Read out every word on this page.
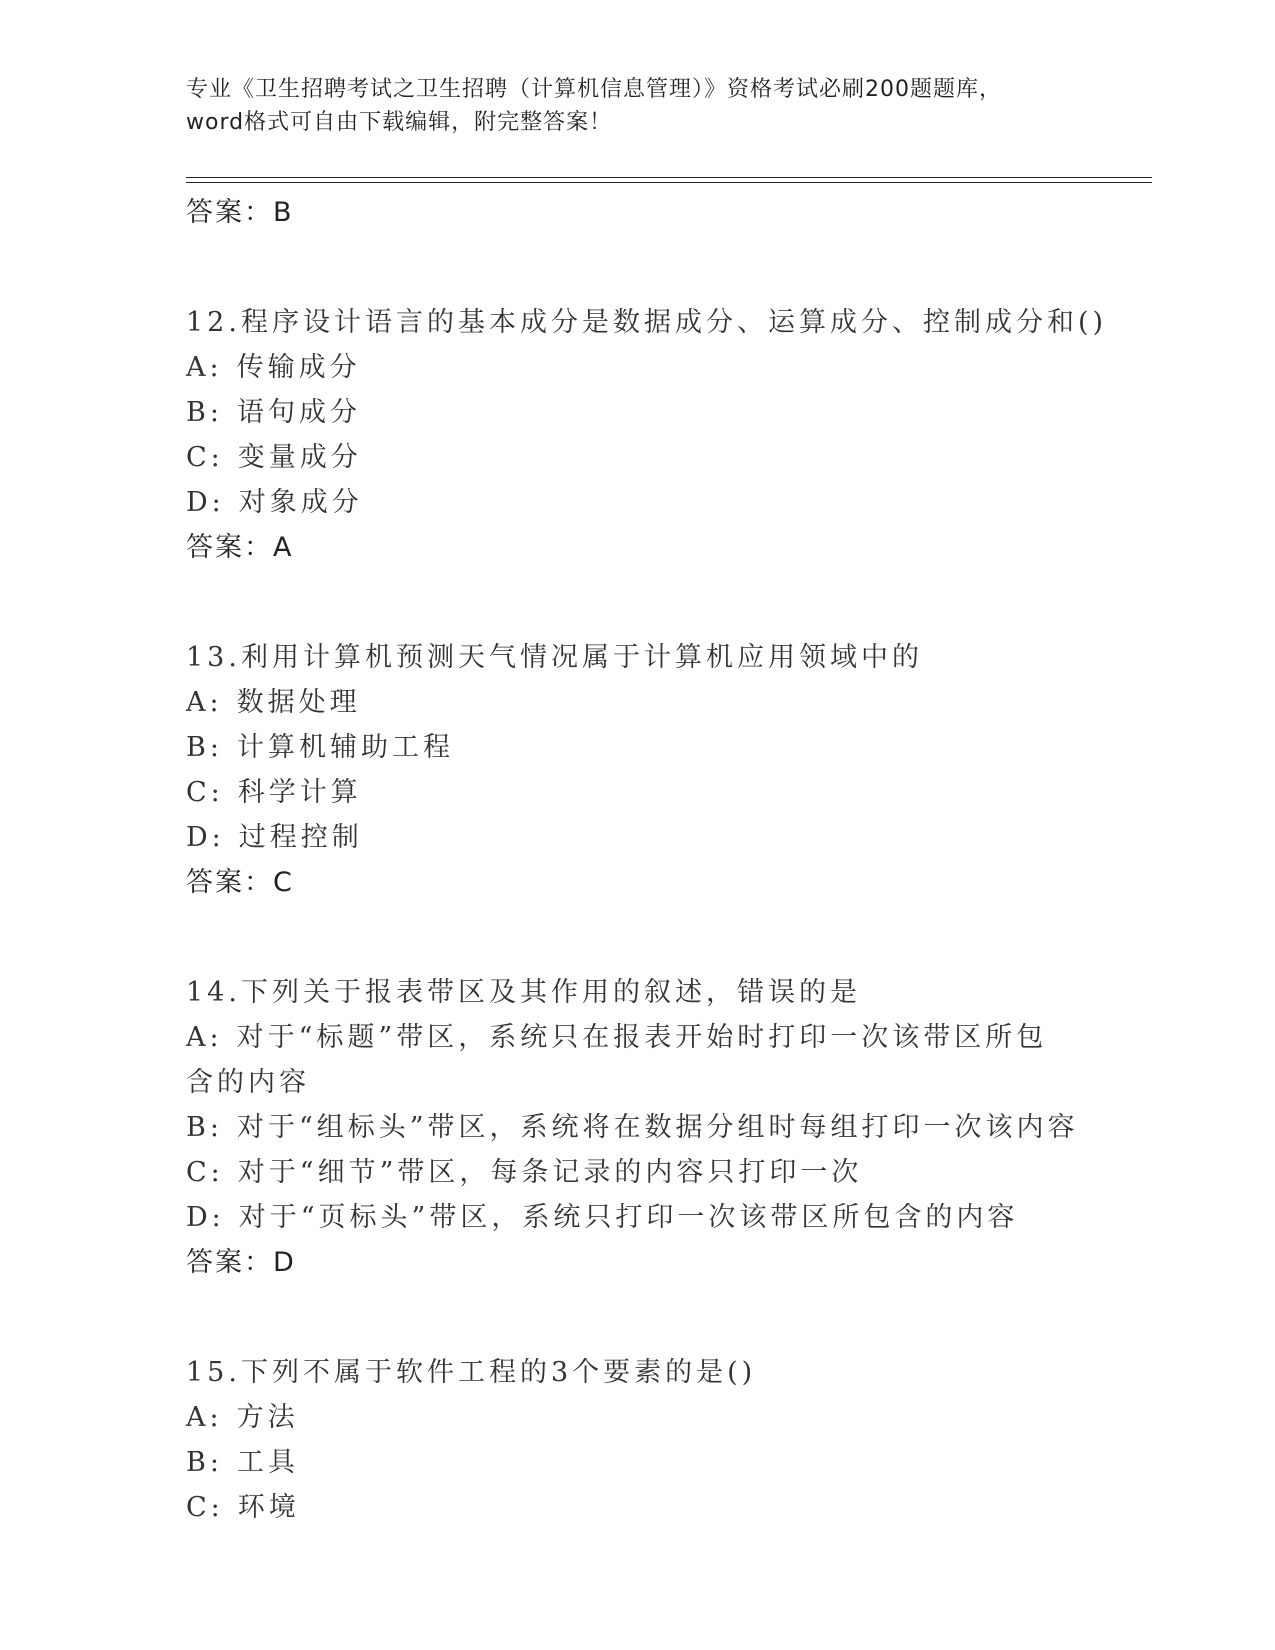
专业《卫生招聘考试之卫生招聘（计算机信息管理）》资格考试必刷200题题库，
word格式可自由下载编辑，附完整答案！
答案：B
12.程序设计语言的基本成分是数据成分、运算成分、控制成分和()
A: 传输成分
B: 语句成分
C: 变量成分
D: 对象成分
答案：A
13.利用计算机预测天气情况属于计算机应用领域中的
A: 数据处理
B: 计算机辅助工程
C: 科学计算
D: 过程控制
答案：C
14.下列关于报表带区及其作用的叙述，错误的是
A: 对于“标题”带区，系统只在报表开始时打印一次该带区所包含的内容
B: 对于“组标头”带区，系统将在数据分组时每组打印一次该内容
C: 对于“细节”带区，每条记录的内容只打印一次
D: 对于“页标头”带区，系统只打印一次该带区所包含的内容
答案：D
15.下列不属于软件工程的3个要素的是()
A: 方法
B: 工具
C: 环境
